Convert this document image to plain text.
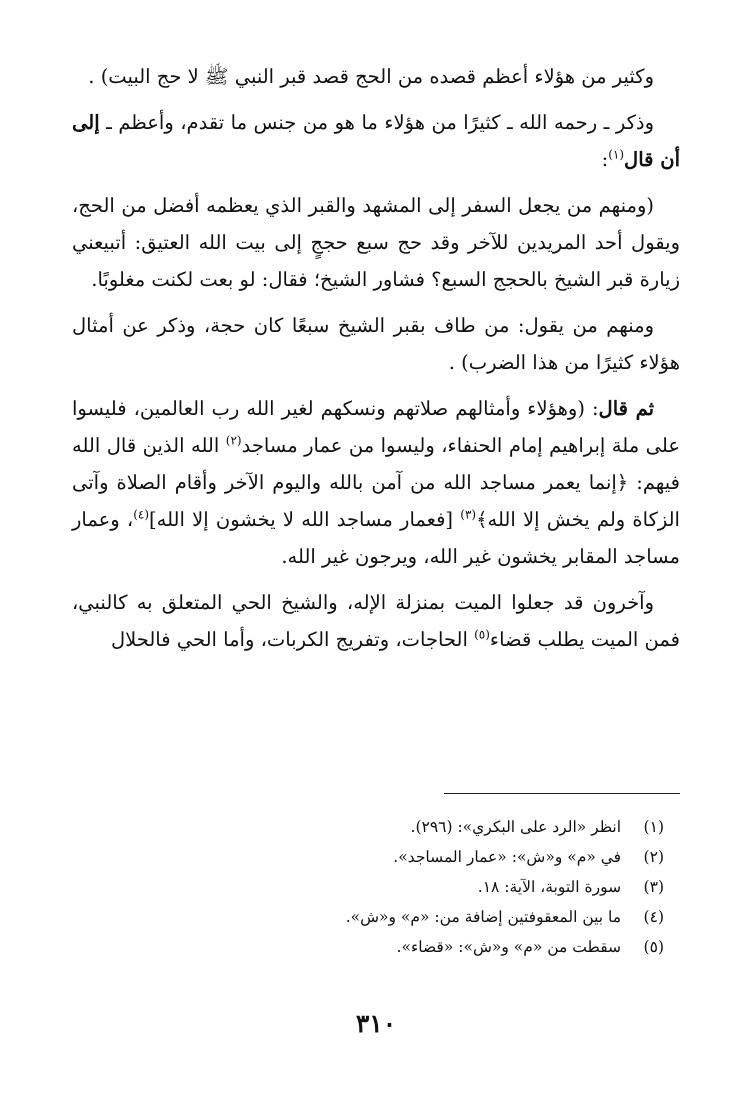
وكثير من هؤلاء أعظم قصده من الحج قصد قبر النبي ﷺ لا حج البيت) .

وذكر ـ رحمه الله ـ كثيرًا من هؤلاء ما هو من جنس ما تقدم، وأعظم ـ إلى أن قال$^{(١)}$:

(ومنهم من يجعل السفر إلى المشهد والقبر الذي يعظمه أفضل من الحج، ويقول أحد المريدين للآخر وقد حج سبع حججٍ إلى بيت الله العتيق: أتبيعني زيارة قبر الشيخ بالحجج السبع؟ فشاور الشيخ؛ فقال: لو بعت لكنت مغلوبًا.

ومنهم من يقول: من طاف بقبر الشيخ سبعًا كان حجة، وذكر عن أمثال هؤلاء كثيرًا من هذا الضرب) .

ثم قال: (وهؤلاء وأمثالهم صلاتهم ونسكهم لغير الله رب العالمين، فليسوا على ملة إبراهيم إمام الحنفاء، وليسوا من عمار مساجد$^{(٢)}$ الله الذين قال الله فيهم: ﴿إنما يعمر مساجد الله من آمن بالله واليوم الآخر وأقام الصلاة وآتى الزكاة ولم يخش إلا الله﴾$^{(٣)}$ [فعمار مساجد الله لا يخشون إلا الله]$^{(٤)}$، وعمار مساجد المقابر يخشون غير الله، ويرجون غير الله.

وآخرون قد جعلوا الميت بمنزلة الإله، والشيخ الحي المتعلق به كالنبي، فمن الميت يطلب قضاء$^{(٥)}$ الحاجات، وتفريج الكربات، وأما الحي فالحلال

(١) انظر «الرد على البكري»: (٢٩٦).
(٢) في «م» و«ش»: «عمار المساجد».
(٣) سورة التوبة، الآية: ١٨.
(٤) ما بين المعقوفتين إضافة من: «م» و«ش».
(٥) سقطت من «م» و«ش»: «قضاء».
٣١٠
